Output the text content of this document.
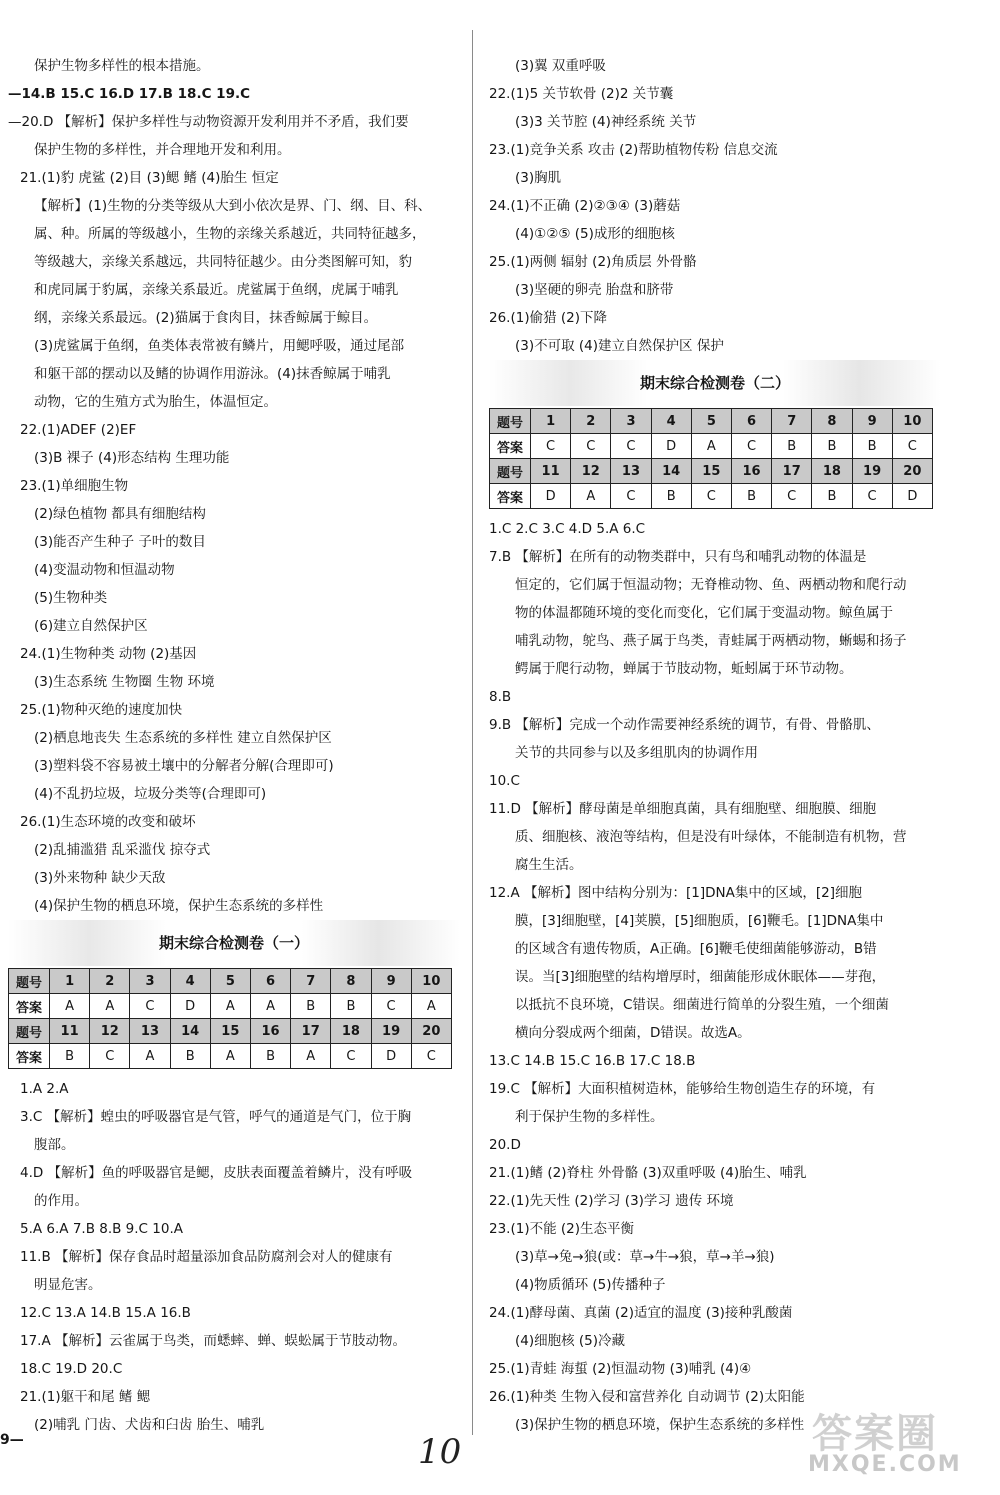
保护生物多样性的根本措施。
—14.B 15.C 16.D 17.B 18.C 19.C
—20.D 【解析】保护多样性与动物资源开发利用并不矛盾，我们要
保护生物的多样性，并合理地开发和利用。
21.(1)豹 虎鲨 (2)目 (3)鳃 鳍 (4)胎生 恒定
【解析】(1)生物的分类等级从大到小依次是界、门、纲、目、科、
属、种。所属的等级越小，生物的亲缘关系越近，共同特征越多，
等级越大，亲缘关系越远，共同特征越少。由分类图解可知，豹
和虎同属于豹属，亲缘关系最近。虎鲨属于鱼纲，虎属于哺乳
纲，亲缘关系最远。(2)猫属于食肉目，抹香鲸属于鲸目。
(3)虎鲨属于鱼纲，鱼类体表常被有鳞片，用鳃呼吸，通过尾部
和躯干部的摆动以及鳍的协调作用游泳。(4)抹香鲸属于哺乳
动物，它的生殖方式为胎生，体温恒定。
22.(1)ADEF (2)EF
(3)B 裸子 (4)形态结构 生理功能
23.(1)单细胞生物
(2)绿色植物 都具有细胞结构
(3)能否产生种子 子叶的数目
(4)变温动物和恒温动物
(5)生物种类
(6)建立自然保护区
24.(1)生物种类 动物 (2)基因
(3)生态系统 生物圈 生物 环境
25.(1)物种灭绝的速度加快
(2)栖息地丧失 生态系统的多样性 建立自然保护区
(3)塑料袋不容易被土壤中的分解者分解(合理即可)
(4)不乱扔垃圾，垃圾分类等(合理即可)
26.(1)生态环境的改变和破坏
(2)乱捕滥猎 乱采滥伐 掠夺式
(3)外来物种 缺少天敌
(4)保护生物的栖息环境，保护生态系统的多样性
期末综合检测卷（一）
题号	1	2	3	4	5	6	7	8	9	10
答案	A	A	C	D	A	A	B	B	C	A
题号	11	12	13	14	15	16	17	18	19	20
答案	B	C	A	B	A	B	A	C	D	C
1.A 2.A
3.C 【解析】蝗虫的呼吸器官是气管，呼气的通道是气门，位于胸
腹部。
4.D 【解析】鱼的呼吸器官是鳃，皮肤表面覆盖着鳞片，没有呼吸
的作用。
5.A 6.A 7.B 8.B 9.C 10.A
11.B 【解析】保存食品时超量添加食品防腐剂会对人的健康有
明显危害。
12.C 13.A 14.B 15.A 16.B
17.A 【解析】云雀属于鸟类，而蟋蟀、蝉、蜈蚣属于节肢动物。
18.C 19.D 20.C
21.(1)躯干和尾 鳍 鳃
(2)哺乳 门齿、犬齿和臼齿 胎生、哺乳
(3)翼 双重呼吸
22.(1)5 关节软骨 (2)2 关节囊
(3)3 关节腔 (4)神经系统 关节
23.(1)竞争关系 攻击 (2)帮助植物传粉 信息交流
(3)胸肌
24.(1)不正确 (2)②③④ (3)蘑菇
(4)①②⑤ (5)成形的细胞核
25.(1)两侧 辐射 (2)角质层 外骨骼
(3)坚硬的卵壳 胎盘和脐带
26.(1)偷猎 (2)下降
(3)不可取 (4)建立自然保护区 保护
期末综合检测卷（二）
题号	1	2	3	4	5	6	7	8	9	10
答案	C	C	C	D	A	C	B	B	B	C
题号	11	12	13	14	15	16	17	18	19	20
答案	D	A	C	B	C	B	C	B	C	D
1.C 2.C 3.C 4.D 5.A 6.C
7.B 【解析】在所有的动物类群中，只有鸟和哺乳动物的体温是
恒定的，它们属于恒温动物；无脊椎动物、鱼、两栖动物和爬行动
物的体温都随环境的变化而变化，它们属于变温动物。鲸鱼属于
哺乳动物，鸵鸟、燕子属于鸟类，青蛙属于两栖动物，蜥蜴和扬子
鳄属于爬行动物，蝉属于节肢动物，蚯蚓属于环节动物。
8.B
9.B 【解析】完成一个动作需要神经系统的调节，有骨、骨骼肌、
关节的共同参与以及多组肌肉的协调作用
10.C
11.D 【解析】酵母菌是单细胞真菌，具有细胞壁、细胞膜、细胞
质、细胞核、液泡等结构，但是没有叶绿体，不能制造有机物，营
腐生生活。
12.A 【解析】图中结构分别为：[1]DNA集中的区域，[2]细胞
膜，[3]细胞壁，[4]荚膜，[5]细胞质，[6]鞭毛。[1]DNA集中
的区域含有遗传物质，A正确。[6]鞭毛使细菌能够游动，B错
误。当[3]细胞壁的结构增厚时，细菌能形成休眠体——芽孢，
以抵抗不良环境，C错误。细菌进行简单的分裂生殖，一个细菌
横向分裂成两个细菌，D错误。故选A。
13.C 14.B 15.C 16.B 17.C 18.B
19.C 【解析】大面积植树造林，能够给生物创造生存的环境，有
利于保护生物的多样性。
20.D
21.(1)鳍 (2)脊柱 外骨骼 (3)双重呼吸 (4)胎生、哺乳
22.(1)先天性 (2)学习 (3)学习 遗传 环境
23.(1)不能 (2)生态平衡
(3)草→兔→狼(或：草→牛→狼，草→羊→狼)
(4)物质循环 (5)传播种子
24.(1)酵母菌、真菌 (2)适宜的温度 (3)接种乳酸菌
(4)细胞核 (5)冷藏
25.(1)青蛙 海蜇 (2)恒温动物 (3)哺乳 (4)④
26.(1)种类 生物入侵和富营养化 自动调节 (2)太阳能
(3)保护生物的栖息环境，保护生态系统的多样性
9—	10	答案圈
MXQE.COM
